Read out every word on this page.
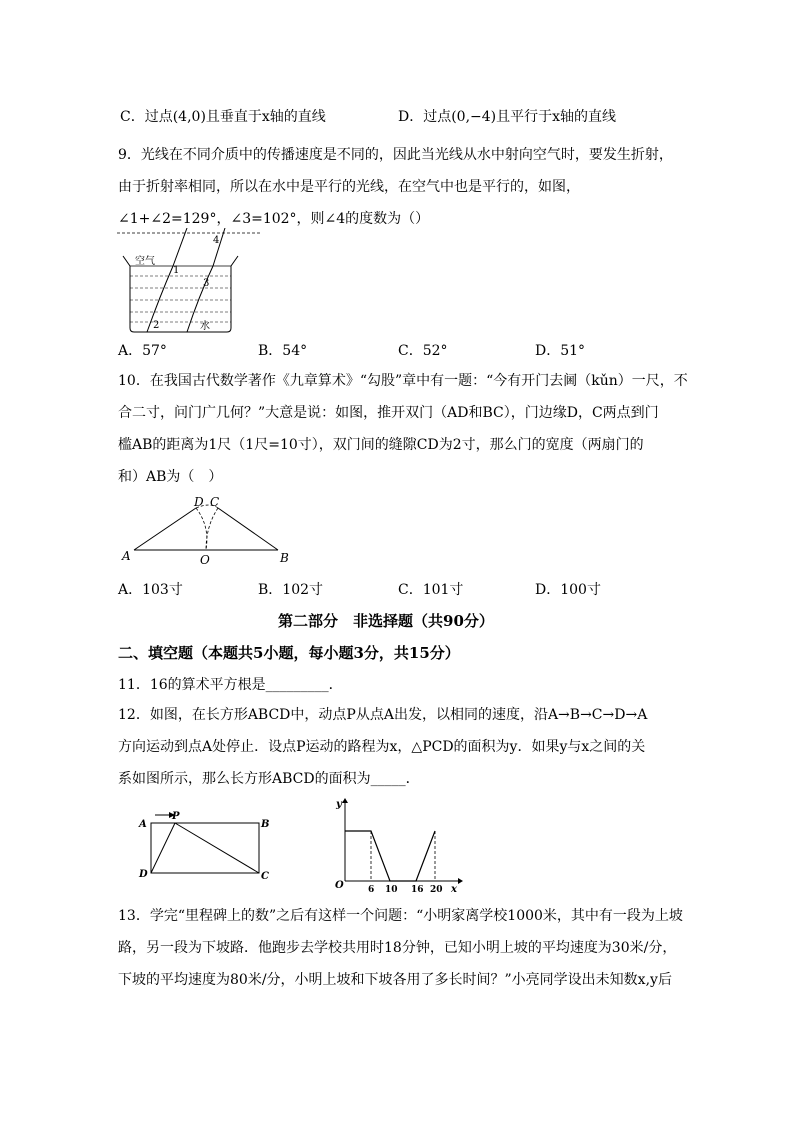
C．过点(4,0)且垂直于x轴的直线	D．过点(0,−4)且平行于x轴的直线
9．光线在不同介质中的传播速度是不同的，因此当光线从水中射向空气时，要发生折射，
由于折射率相同，所以在水中是平行的光线，在空气中也是平行的，如图，
∠1+∠2=129°，∠3=102°，则∠4的度数为（）
空气
水
1
2
3
4
A．57°	B．54°	C．52°	D．51°
10．在我国古代数学著作《九章算术》“勾股”章中有一题：“今有开门去阃（kǔn）一尺，不
合二寸，问门广几何？”大意是说：如图，推开双门（AD和BC），门边缘D，C两点到门
槛AB的距离为1尺（1尺=10寸），双门间的缝隙CD为2寸，那么门的宽度（两扇门的
和）AB为（　）
A	B
D C
O
A．103寸	B．102寸	C．101寸	D．100寸
第二部分　非选择题（共90分）
二、填空题（本题共5小题，每小题3分，共15分）
11．16的算术平方根是_________．
12．如图，在长方形ABCD中，动点P从点A出发，以相同的速度，沿A→B→C→D→A
方向运动到点A处停止．设点P运动的路程为x，△PCD的面积为y．如果y与x之间的关
系如图所示，那么长方形ABCD的面积为_____．
A
P
B
D	C
y
x
O	6 10 16 20
13．学完“里程碑上的数”之后有这样一个问题：“小明家离学校1000米，其中有一段为上坡
路，另一段为下坡路．他跑步去学校共用时18分钟，已知小明上坡的平均速度为30米/分，
下坡的平均速度为80米/分，小明上坡和下坡各用了多长时间？”小亮同学设出未知数x,y后
